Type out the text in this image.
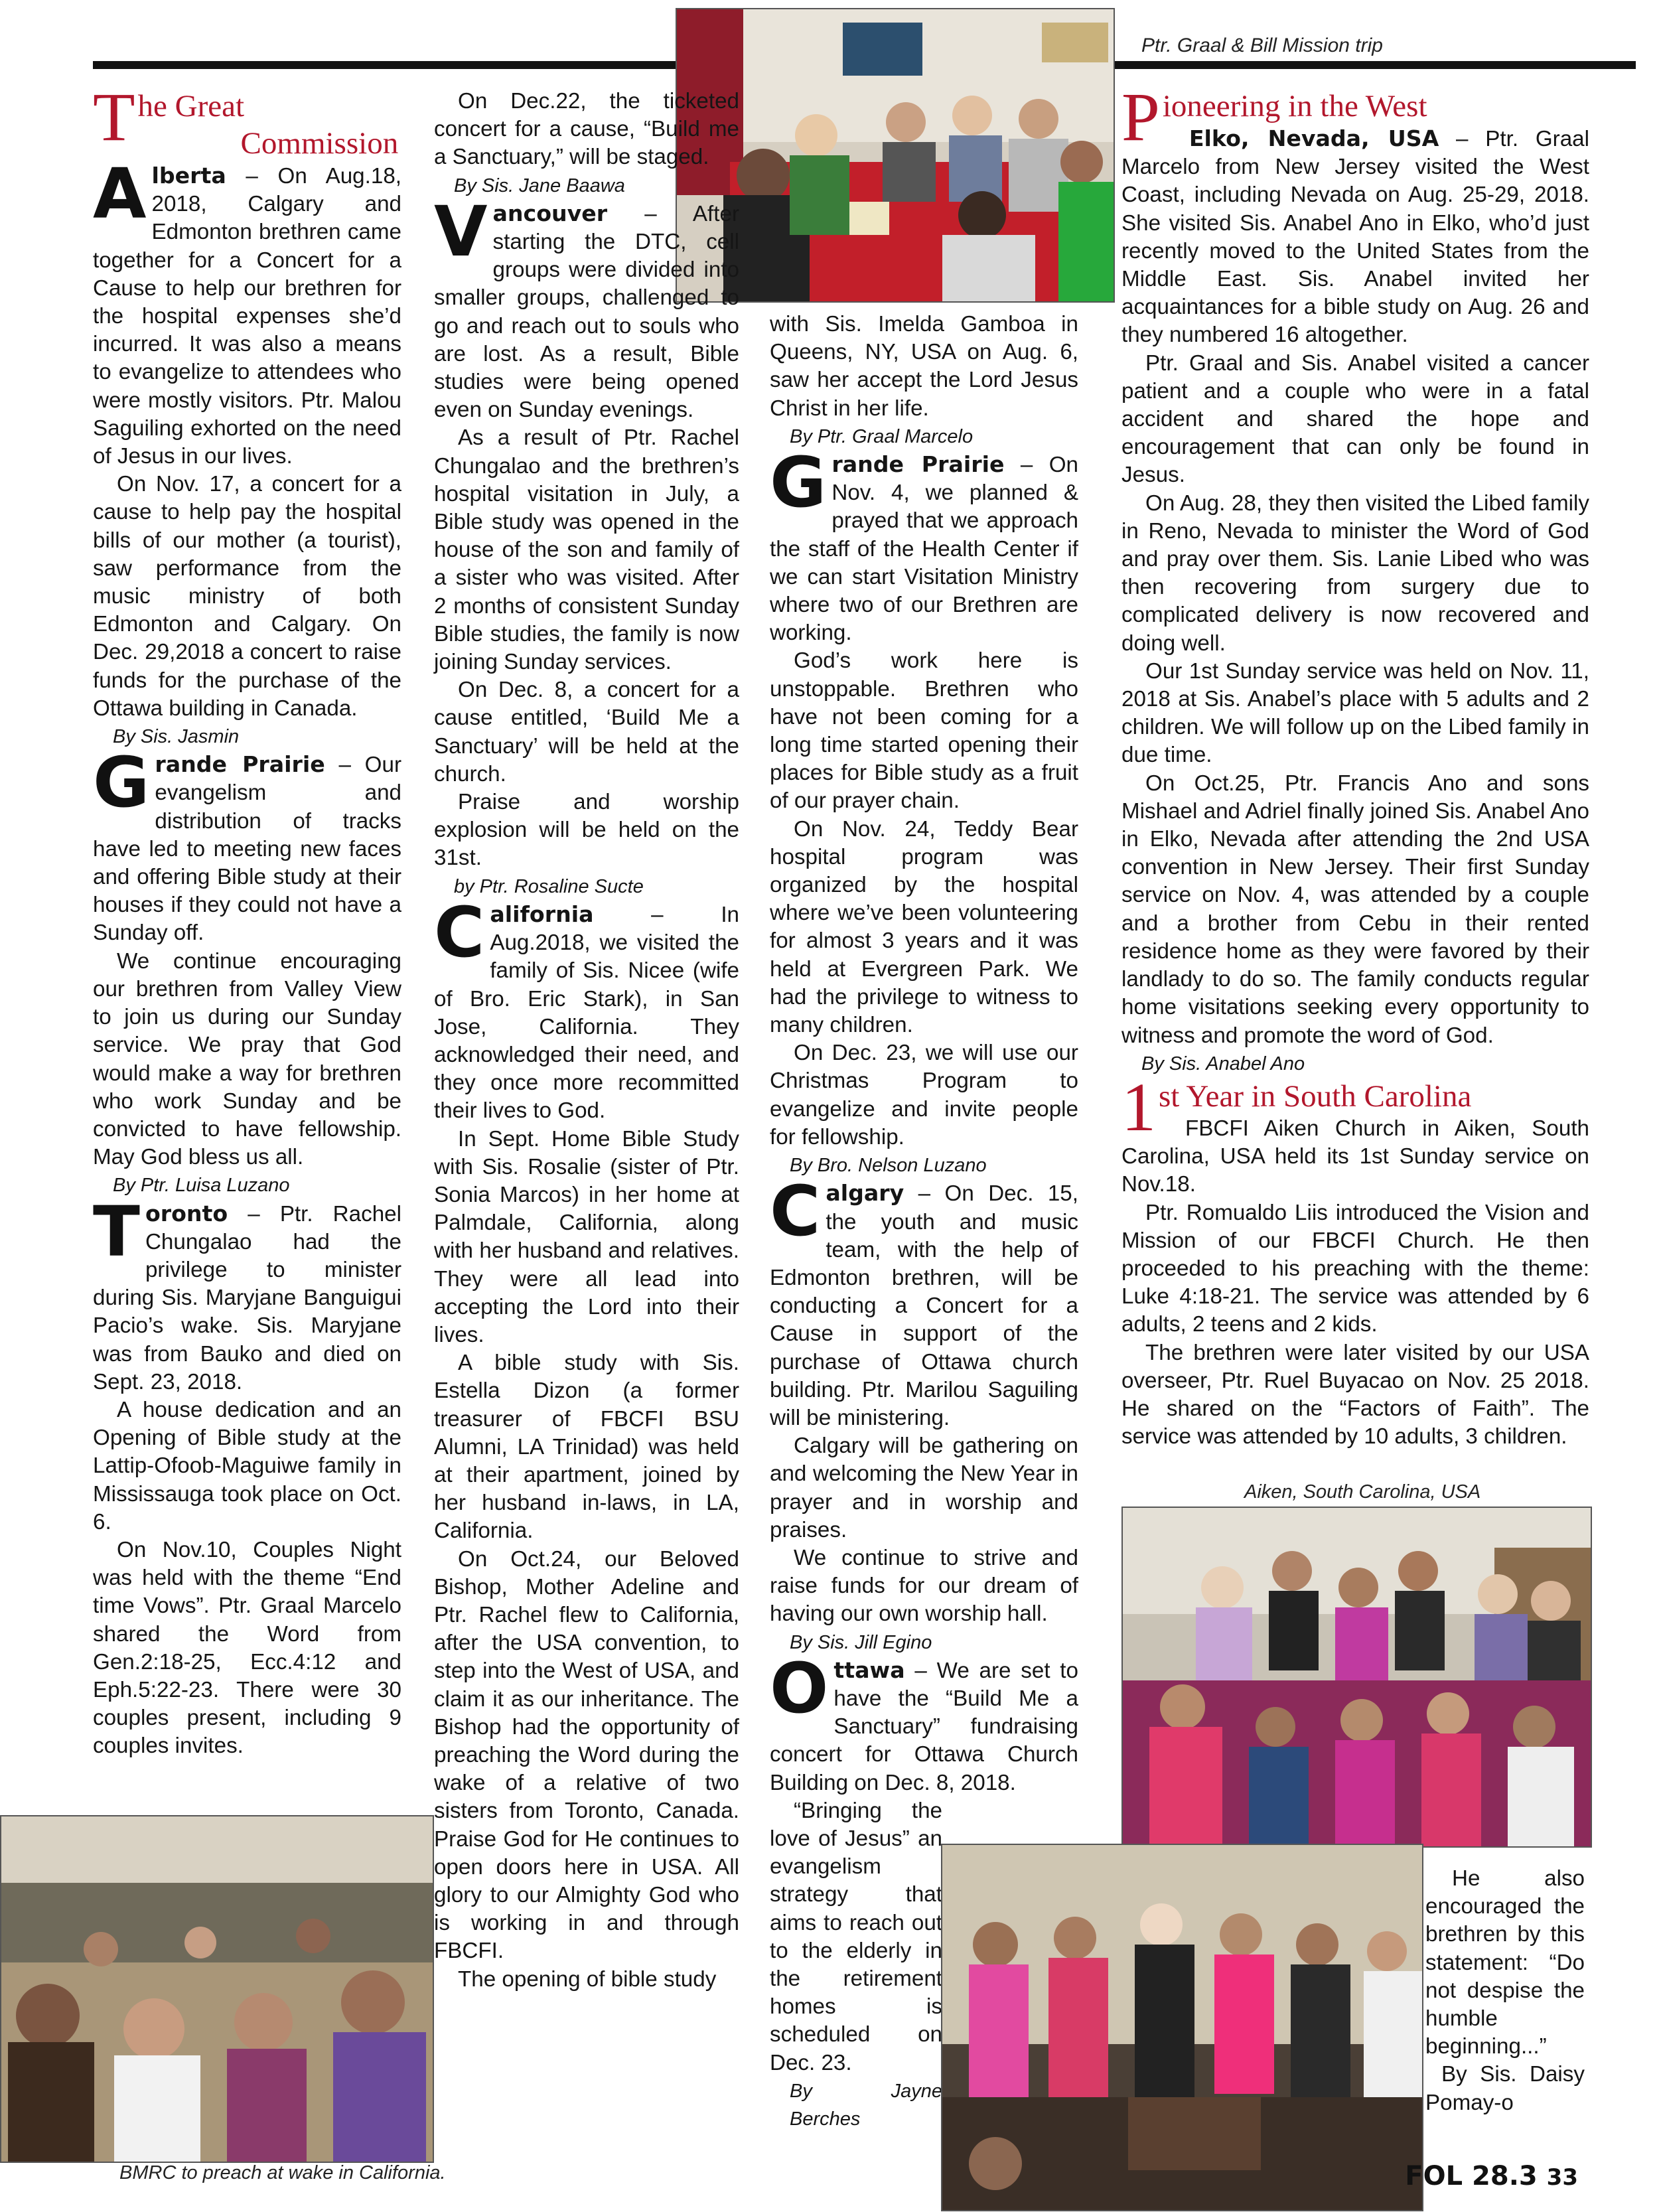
Ptr. Graal & Bill Mission trip
T he Great
Commission

Alberta – On Aug.18, 2018, Calgary and Edmonton brethren came together for a Concert for a Cause to help our brethren for the hospital expenses she’d incurred. It was also a means to evangelize to attendees who were mostly visitors. Ptr. Malou Saguiling exhorted on the need of Jesus in our lives.

On Nov. 17, a concert for a cause to help pay the hospital bills of our mother (a tourist), saw performance from the music ministry of both Edmonton and Calgary. On Dec. 29,2018 a concert to raise funds for the purchase of the Ottawa building in Canada.

By Sis. Jasmin

Grande Prairie – Our evangelism and distribution of tracks have led to meeting new faces and offering Bible study at their houses if they could not have a Sunday off.

We continue encouraging our brethren from Valley View to join us during our Sunday service. We pray that God would make a way for brethren who work Sunday and be convicted to have fellowship. May God bless us all.

By Ptr. Luisa Luzano

Toronto – Ptr. Rachel Chungalao had the privilege to minister during Sis. Maryjane Banguigui Pacio’s wake. Sis. Maryjane was from Bauko and died on Sept. 23, 2018.

A house dedication and an Opening of Bible study at the Lattip-Ofoob-Maguiwe family in Mississauga took place on Oct. 6.

On Nov.10, Couples Night was held with the theme “End time Vows”. Ptr. Graal Marcelo shared the Word from Gen.2:18-25, Ecc.4:12 and Eph.5:22-23. There were 30 couples present, including 9 couples invites.

On Dec.22, the ticketed concert for a cause, “Build me a Sanctuary,” will be staged.

By Sis. Jane Baawa

Vancouver – After starting the DTC, cell groups were divided into smaller groups, challenged to go and reach out to souls who are lost. As a result, Bible studies were being opened even on Sunday evenings.

As a result of Ptr. Rachel Chungalao and the brethren’s hospital visitation in July, a Bible study was opened in the house of the son and family of a sister who was visited. After 2 months of consistent Sunday Bible studies, the family is now joining Sunday services.

On Dec. 8, a concert for a cause entitled, ‘Build Me a Sanctuary’ will be held at the church.

Praise and worship explosion will be held on the 31st.

by Ptr. Rosaline Sucte

California – In Aug.2018, we visited the family of Sis. Nicee (wife of Bro. Eric Stark), in San Jose, California. They acknowledged their need, and they once more recommitted their lives to God.

In Sept. Home Bible Study with Sis. Rosalie (sister of Ptr. Sonia Marcos) in her home at Palmdale, California, along with her husband and relatives. They were all lead into accepting the Lord into their lives.

A bible study with Sis. Estella Dizon (a former treasurer of FBCFI BSU Alumni, LA Trinidad) was held at their apartment, joined by her husband in-laws, in LA, California.

On Oct.24, our Beloved Bishop, Mother Adeline and Ptr. Rachel flew to California, after the USA convention, to step into the West of USA, and claim it as our inheritance. The Bishop had the opportunity of preaching the Word during the wake of a relative of two sisters from Toronto, Canada. Praise God for He continues to open doors here in USA. All glory to our Almighty God who is working in and through FBCFI.

The opening of bible study

with Sis. Imelda Gamboa in Queens, NY, USA on Aug. 6, saw her accept the Lord Jesus Christ in her life.

By Ptr. Graal Marcelo

Grande Prairie – On Nov. 4, we planned & prayed that we approach the staff of the Health Center if we can start Visitation Ministry where two of our Brethren are working.

God’s work here is unstoppable. Brethren who have not been coming for a long time started opening their places for Bible study as a fruit of our prayer chain.

On Nov. 24, Teddy Bear hospital program was organized by the hospital where we’ve been volunteering for almost 3 years and it was held at Evergreen Park. We had the privilege to witness to many children.

On Dec. 23, we will use our Christmas Program to evangelize and invite people for fellowship.

By Bro. Nelson Luzano

Calgary – On Dec. 15, the youth and music team, with the help of Edmonton brethren, will be conducting a Concert for a Cause in support of the purchase of Ottawa church building. Ptr. Marilou Saguiling will be ministering.

Calgary will be gathering on and welcoming the New Year in prayer and in worship and praises.

We continue to strive and raise funds for our dream of having our own worship hall.

By Sis. Jill Egino

Ottawa – We are set to have the “Build Me a Sanctuary” fundraising concert for Ottawa Church Building on Dec. 8, 2018.

“Bringing the love of Jesus” an evangelism strategy that aims to reach out to the elderly in the retirement homes is scheduled on Dec. 23.

By Jayne Berches
P ioneering in the West

Elko, Nevada, USA – Ptr. Graal Marcelo from New Jersey visited the West Coast, including Nevada on Aug. 25-29, 2018. She visited Sis. Anabel Ano in Elko, who’d just recently moved to the United States from the Middle East. Sis. Anabel invited her acquaintances for a bible study on Aug. 26 and they numbered 16 altogether.

Ptr. Graal and Sis. Anabel visited a cancer patient and a couple who were in a fatal accident and shared the hope and encouragement that can only be found in Jesus.

On Aug. 28, they then visited the Libed family in Reno, Nevada to minister the Word of God and pray over them. Sis. Lanie Libed who was then recovering from surgery due to complicated delivery is now recovered and doing well.

Our 1st Sunday service was held on Nov. 11, 2018 at Sis. Anabel’s place with 5 adults and 2 children. We will follow up on the Libed family in due time.

On Oct.25, Ptr. Francis Ano and sons Mishael and Adriel finally joined Sis. Anabel Ano in Elko, Nevada after attending the 2nd USA convention in New Jersey. Their first Sunday service on Nov. 4, was attended by a couple and a brother from Cebu in their rented residence home as they were favored by their landlady to do so. The family conducts regular home visitations seeking every opportunity to witness and promote the word of God.

By Sis. Anabel Ano
1 st Year in South Carolina

FBCFI Aiken Church in Aiken, South Carolina, USA held its 1st Sunday service on Nov.18.

Ptr. Romualdo Liis introduced the Vision and Mission of our FBCFI Church. He then proceeded to his preaching with the theme: Luke 4:18-21. The service was attended by 6 adults, 2 teens and 2 kids.

The brethren were later visited by our USA overseer, Ptr. Ruel Buyacao on Nov. 25 2018. He shared on the “Factors of Faith”. The service was attended by 10 adults, 3 children.

Aiken, South Carolina, USA
BMRC to preach at wake in California.

He also encouraged the brethren by this statement: “Do not despise the humble beginning...”

By Sis. Daisy Pomay-o

FOL 28.3 33
